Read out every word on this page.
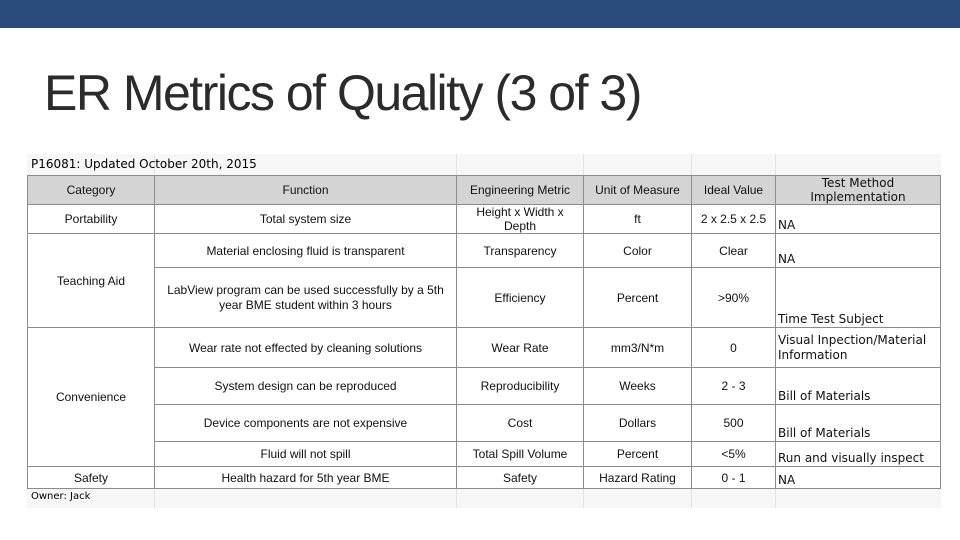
ER Metrics of Quality (3 of 3)
P16081: Updated October 20th, 2015
Category	Function	Engineering Metric	Unit of Measure	Ideal Value	Test Method Implementation
Portability	Total system size	Height x Width x Depth	ft	2 x 2.5 x 2.5	NA
Teaching Aid	Material enclosing fluid is transparent	Transparency	Color	Clear	NA
	LabView program can be used successfully by a 5th year BME student within 3 hours	Efficiency	Percent	>90%	Time Test Subject
Convenience	Wear rate not effected by cleaning solutions	Wear Rate	mm3/N*m	0	Visual Inpection/Material Information
	System design can be reproduced	Reproducibility	Weeks	2 - 3	Bill of Materials
	Device components are not expensive	Cost	Dollars	500	Bill of Materials
	Fluid will not spill	Total Spill Volume	Percent	<5%	Run and visually inspect
Safety	Health hazard for 5th year BME	Safety	Hazard Rating	0 - 1	NA
Owner: Jack
